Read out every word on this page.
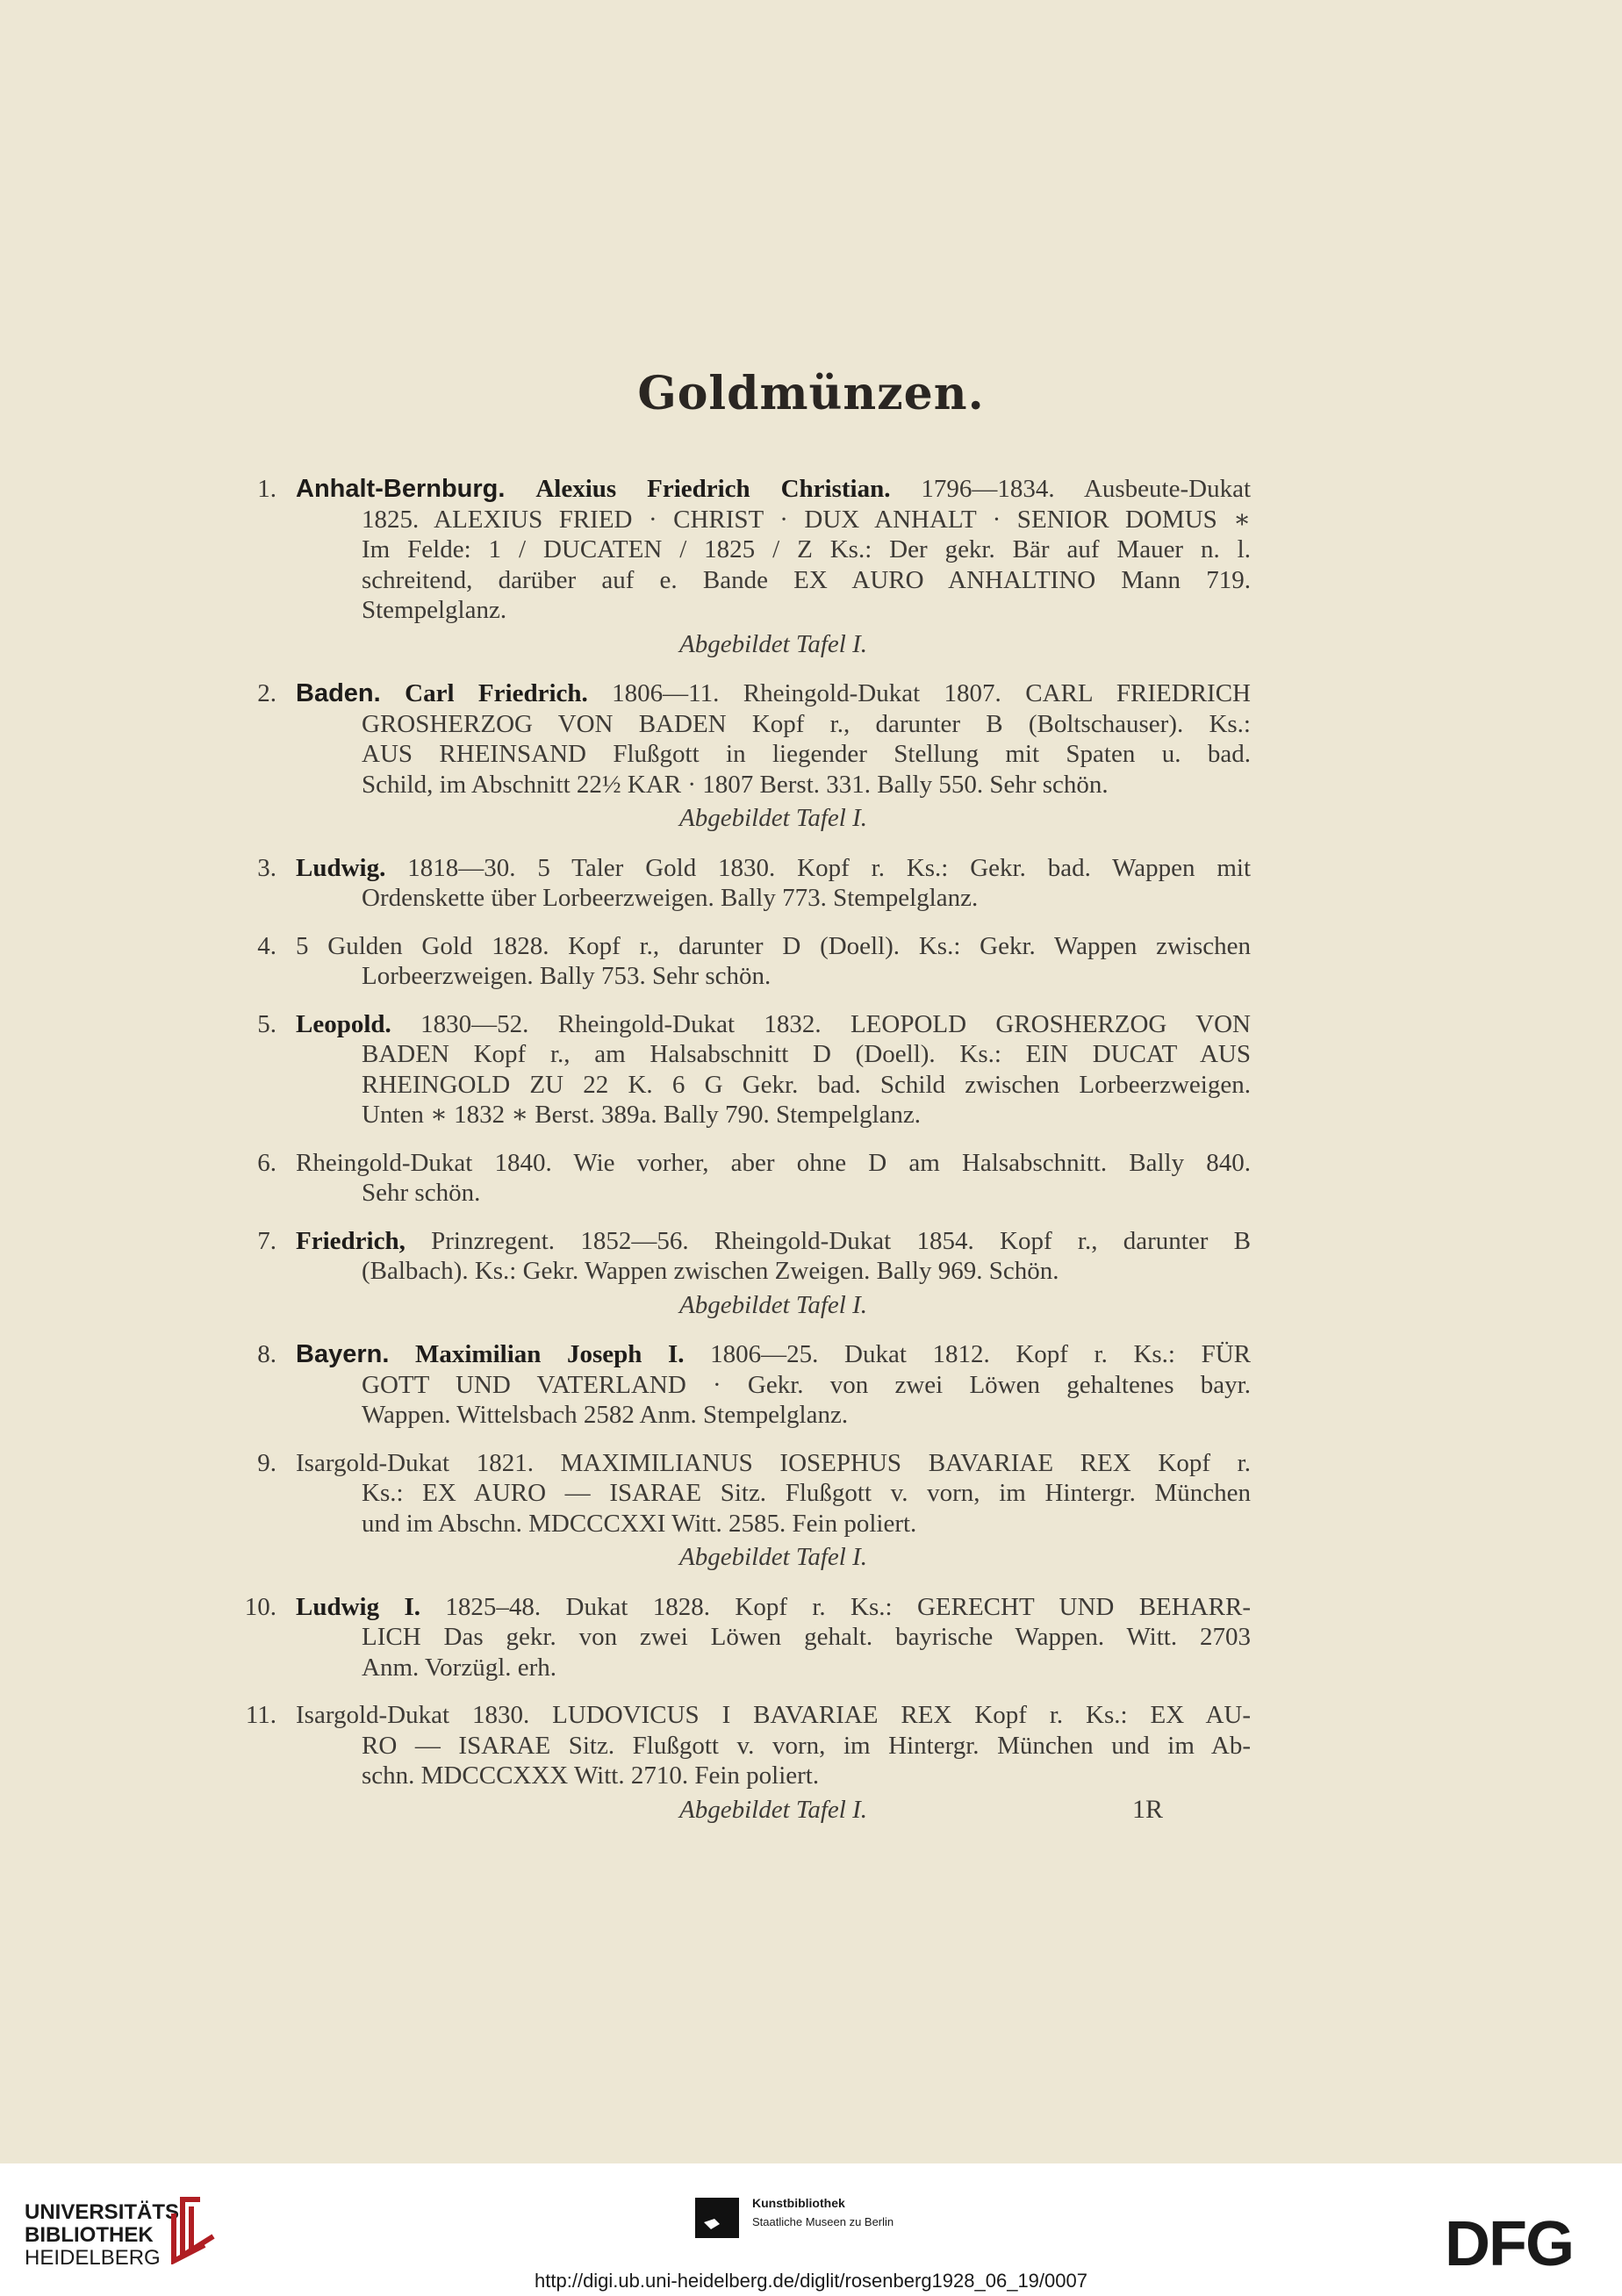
Goldmünzen.
1. Anhalt-Bernburg. Alexius Friedrich Christian. 1796—1834. Ausbeute-Dukat
1825. ALEXIUS FRIED · CHRIST · DUX ANHALT · SENIOR DOMUS ∗
Im Felde: 1 / DUCATEN / 1825 / Z Ks.: Der gekr. Bär auf Mauer n. l.
schreitend, darüber auf e. Bande EX AURO ANHALTINO Mann 719.
Stempelglanz.
Abgebildet Tafel I.
2. Baden. Carl Friedrich. 1806—11. Rheingold-Dukat 1807. CARL FRIEDRICH
GROSHERZOG VON BADEN Kopf r., darunter B (Boltschauser). Ks.:
AUS RHEINSAND Flußgott in liegender Stellung mit Spaten u. bad.
Schild, im Abschnitt 22½ KAR · 1807 Berst. 331. Bally 550. Sehr schön.
Abgebildet Tafel I.
3. Ludwig. 1818—30. 5 Taler Gold 1830. Kopf r. Ks.: Gekr. bad. Wappen mit
Ordenskette über Lorbeerzweigen. Bally 773. Stempelglanz.
4. 5 Gulden Gold 1828. Kopf r., darunter D (Doell). Ks.: Gekr. Wappen zwischen
Lorbeerzweigen. Bally 753. Sehr schön.
5. Leopold. 1830—52. Rheingold-Dukat 1832. LEOPOLD GROSHERZOG VON
BADEN Kopf r., am Halsabschnitt D (Doell). Ks.: EIN DUCAT AUS
RHEINGOLD ZU 22 K. 6 G Gekr. bad. Schild zwischen Lorbeerzweigen.
Unten ∗ 1832 ∗ Berst. 389a. Bally 790. Stempelglanz.
6. Rheingold-Dukat 1840. Wie vorher, aber ohne D am Halsabschnitt. Bally 840.
Sehr schön.
7. Friedrich, Prinzregent. 1852—56. Rheingold-Dukat 1854. Kopf r., darunter B
(Balbach). Ks.: Gekr. Wappen zwischen Zweigen. Bally 969. Schön.
Abgebildet Tafel I.
8. Bayern. Maximilian Joseph I. 1806—25. Dukat 1812. Kopf r. Ks.: FÜR
GOTT UND VATERLAND · Gekr. von zwei Löwen gehaltenes bayr.
Wappen. Wittelsbach 2582 Anm. Stempelglanz.
9. Isargold-Dukat 1821. MAXIMILIANUS IOSEPHUS BAVARIAE REX Kopf r.
Ks.: EX AURO — ISARAE Sitz. Flußgott v. vorn, im Hintergr. München
und im Abschn. MDCCCXXI Witt. 2585. Fein poliert.
Abgebildet Tafel I.
10. Ludwig I. 1825–48. Dukat 1828. Kopf r. Ks.: GERECHT UND BEHARR-
LICH Das gekr. von zwei Löwen gehalt. bayrische Wappen. Witt. 2703
Anm. Vorzügl. erh.
11. Isargold-Dukat 1830. LUDOVICUS I BAVARIAE REX Kopf r. Ks.: EX AU-
RO — ISARAE Sitz. Flußgott v. vorn, im Hintergr. München und im Ab-
schn. MDCCCXXX Witt. 2710. Fein poliert.
Abgebildet Tafel I.	1R
UNIVERSITÄTS-
BIBLIOTHEK
HEIDELBERG
Kunstbibliothek
Staatliche Museen zu Berlin	DFG
http://digi.ub.uni-heidelberg.de/diglit/rosenberg1928_06_19/0007
